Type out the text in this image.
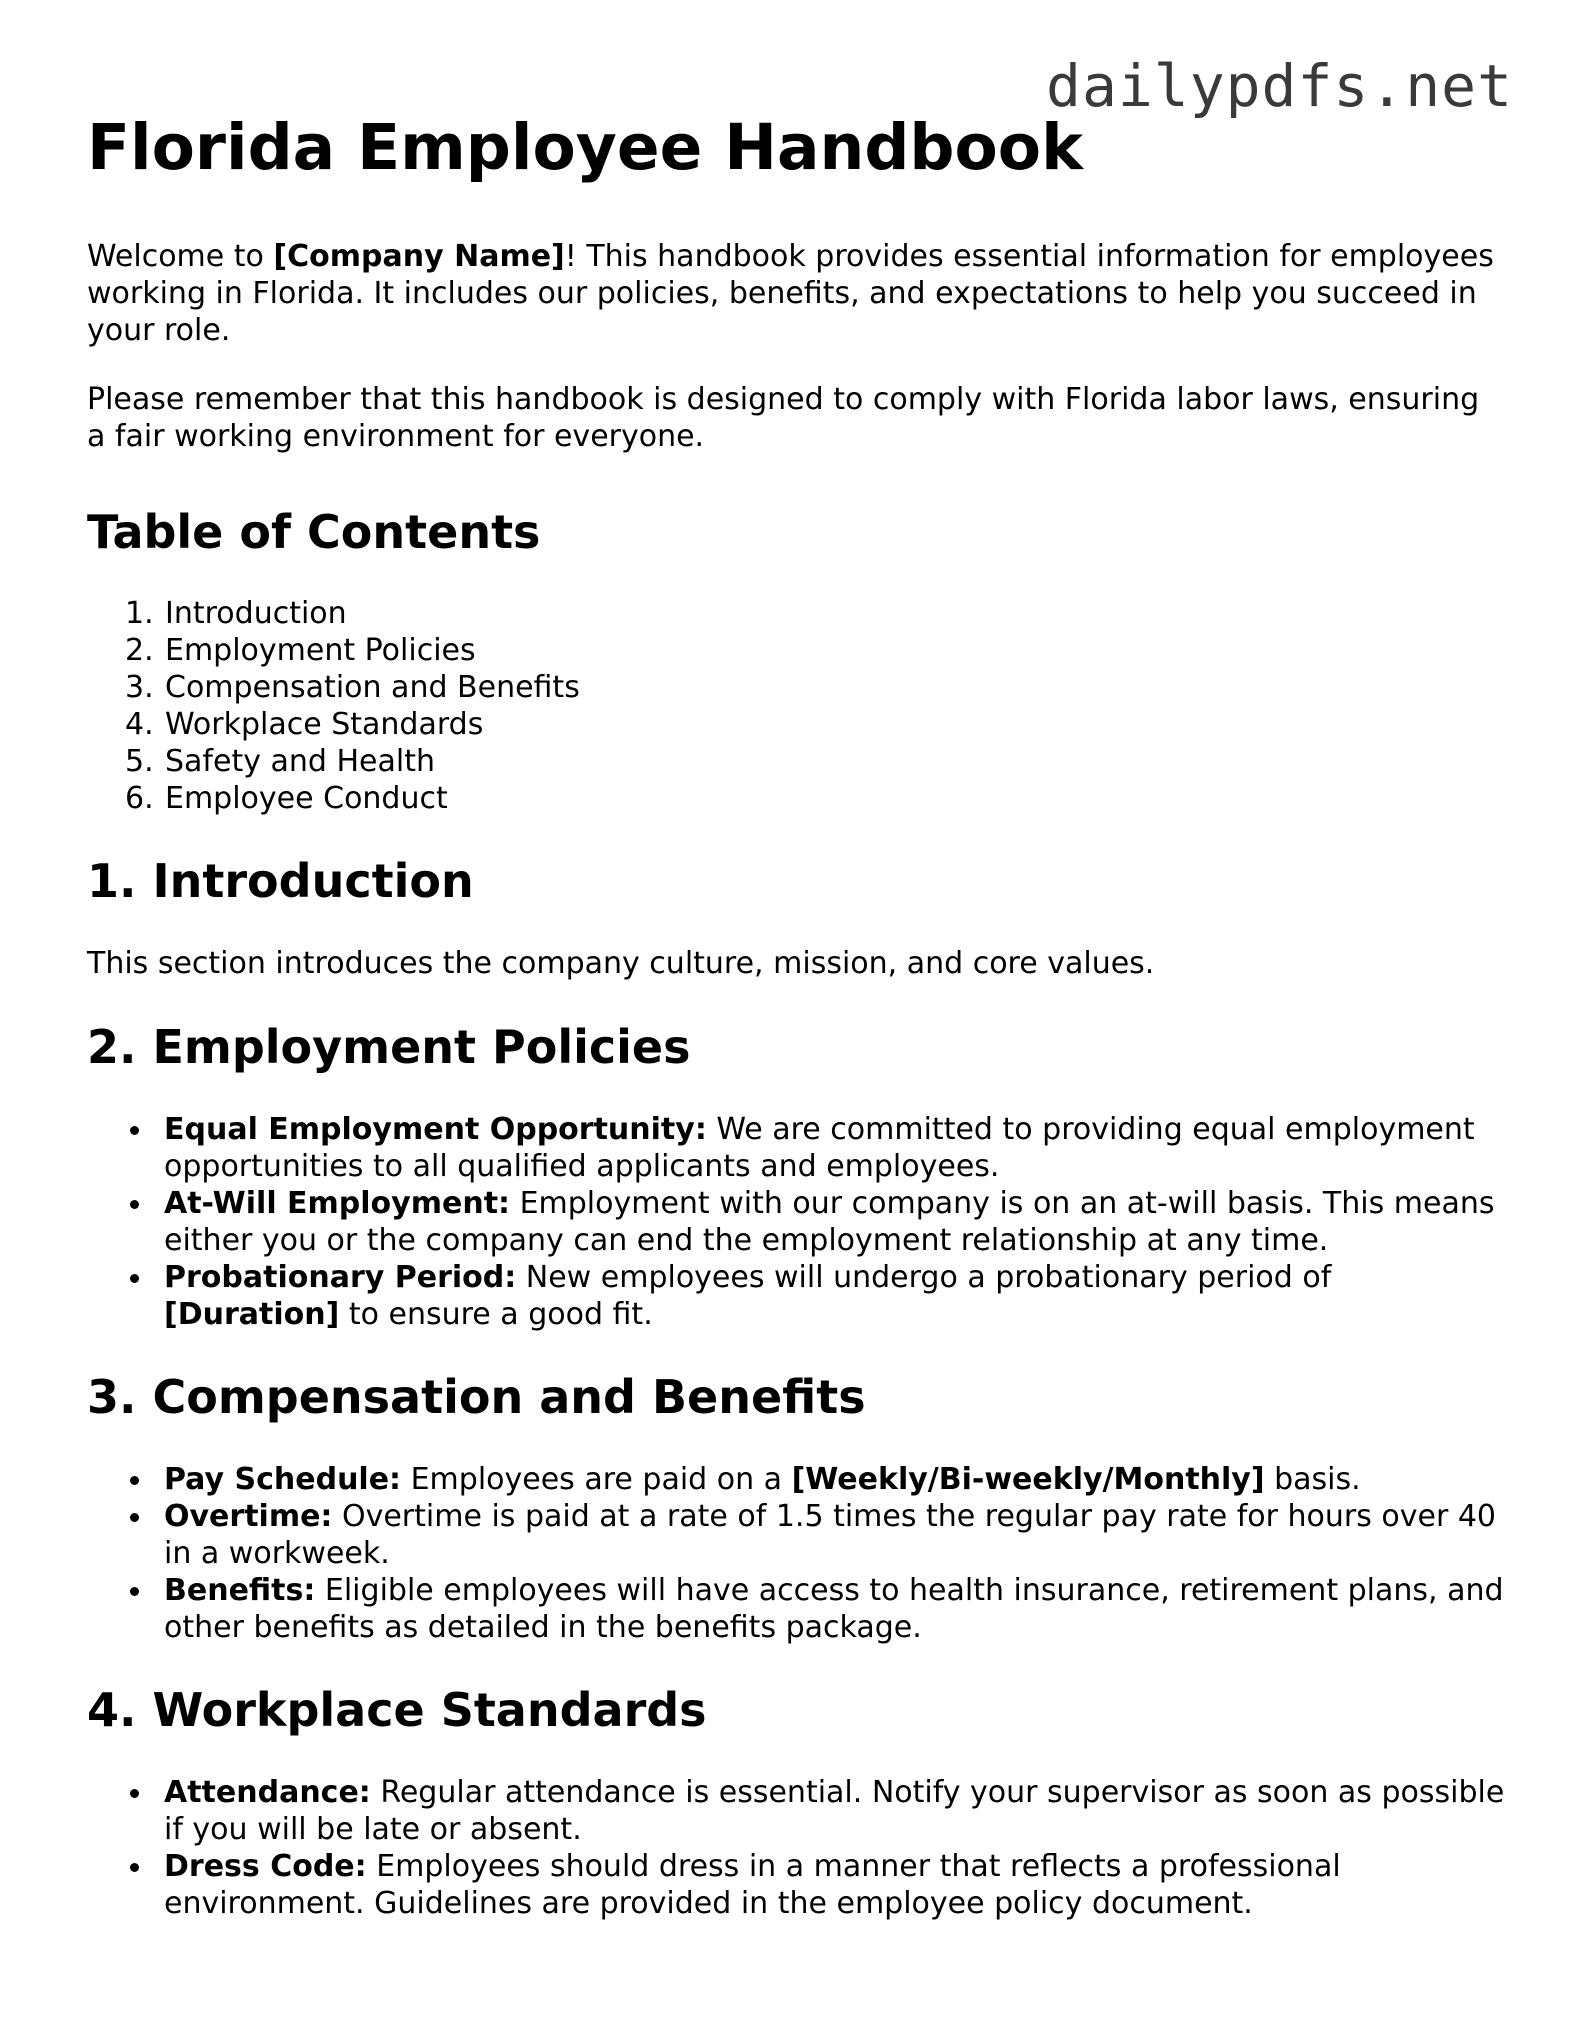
dailypdfs.net
Florida Employee Handbook

Welcome to [Company Name]! This handbook provides essential information for employees working in Florida. It includes our policies, benefits, and expectations to help you succeed in your role.

Please remember that this handbook is designed to comply with Florida labor laws, ensuring a fair working environment for everyone.

Table of Contents
1. Introduction
2. Employment Policies
3. Compensation and Benefits
4. Workplace Standards
5. Safety and Health
6. Employee Conduct
1. Introduction

This section introduces the company culture, mission, and core values.

2. Employment Policies
Equal Employment Opportunity: We are committed to providing equal employment opportunities to all qualified applicants and employees.
At-Will Employment: Employment with our company is on an at-will basis. This means either you or the company can end the employment relationship at any time.
Probationary Period: New employees will undergo a probationary period of [Duration] to ensure a good fit.
3. Compensation and Benefits
Pay Schedule: Employees are paid on a [Weekly/Bi-weekly/Monthly] basis.
Overtime: Overtime is paid at a rate of 1.5 times the regular pay rate for hours over 40 in a workweek.
Benefits: Eligible employees will have access to health insurance, retirement plans, and other benefits as detailed in the benefits package.
4. Workplace Standards
Attendance: Regular attendance is essential. Notify your supervisor as soon as possible if you will be late or absent.
Dress Code: Employees should dress in a manner that reflects a professional environment. Guidelines are provided in the employee policy document.
